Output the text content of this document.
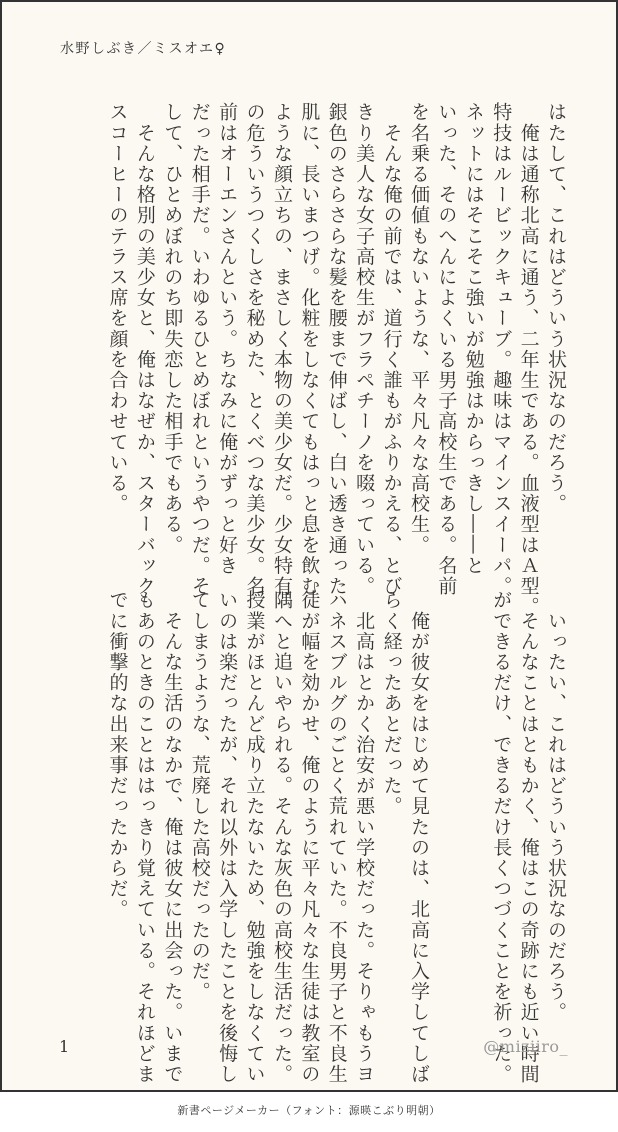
水野しぶき／ミスオエ♀

はたして、これはどういう状況なのだろう。

　俺は通称北高に通う、二年生である。血液型はＡ型。

特技はルービックキューブ。趣味はマインスイーパ。

ネットにはそこそこ強いが勉強はからっきし――と

いった、そのへんによくいる男子高校生である。名前

を名乗る価値もないような、平々凡々な高校生。

　そんな俺の前では、道行く誰もがふりかえる、とび

きり美人な女子高校生がフラペチーノを啜っている。

銀色のさらさらな髪を腰まで伸ばし、白い透き通った

肌に、長いまつげ。化粧をしなくてもはっと息を飲む

ような顔立ちの、まさしく本物の美少女だ。少女特有

の危ういうつくしさを秘めた、とくべつな美少女。名

前はオーエンさんという。ちなみに俺がずっと好き

だった相手だ。いわゆるひとめぼれというやつだ。そ

して、ひとめぼれのち即失恋した相手でもある。

　そんな格別の美少女と、俺はなぜか、スターバック

スコーヒーのテラス席を顔を合わせている。

　いったい、これはどういう状況なのだろう。

　そんなことはともかく、俺はこの奇跡にも近い時間

ができるだけ、できるだけ長くつづくことを祈った。

　俺が彼女をはじめて見たのは、北高に入学してしば

らく経ったあとだった。

　北高はとかく治安が悪い学校だった。そりゃもうヨ

ハネスブルグのごとく荒れていた。不良男子と不良生

徒が幅を効かせ、俺のように平々凡々な生徒は教室の

隅へと追いやられる。そんな灰色の高校生活だった。

授業がほとんど成り立たないため、勉強をしなくてい

いのは楽だったが、それ以外は入学したことを後悔し

てしまうような、荒廃した高校だったのだ。

　そんな生活のなかで、俺は彼女に出会った。いまで

もあのときのことははっきり覚えている。それほどま

でに衝撃的な出来事だったからだ。

1	@miziiro_
新書ページメーカー（フォント：源暎こぶり明朝）
